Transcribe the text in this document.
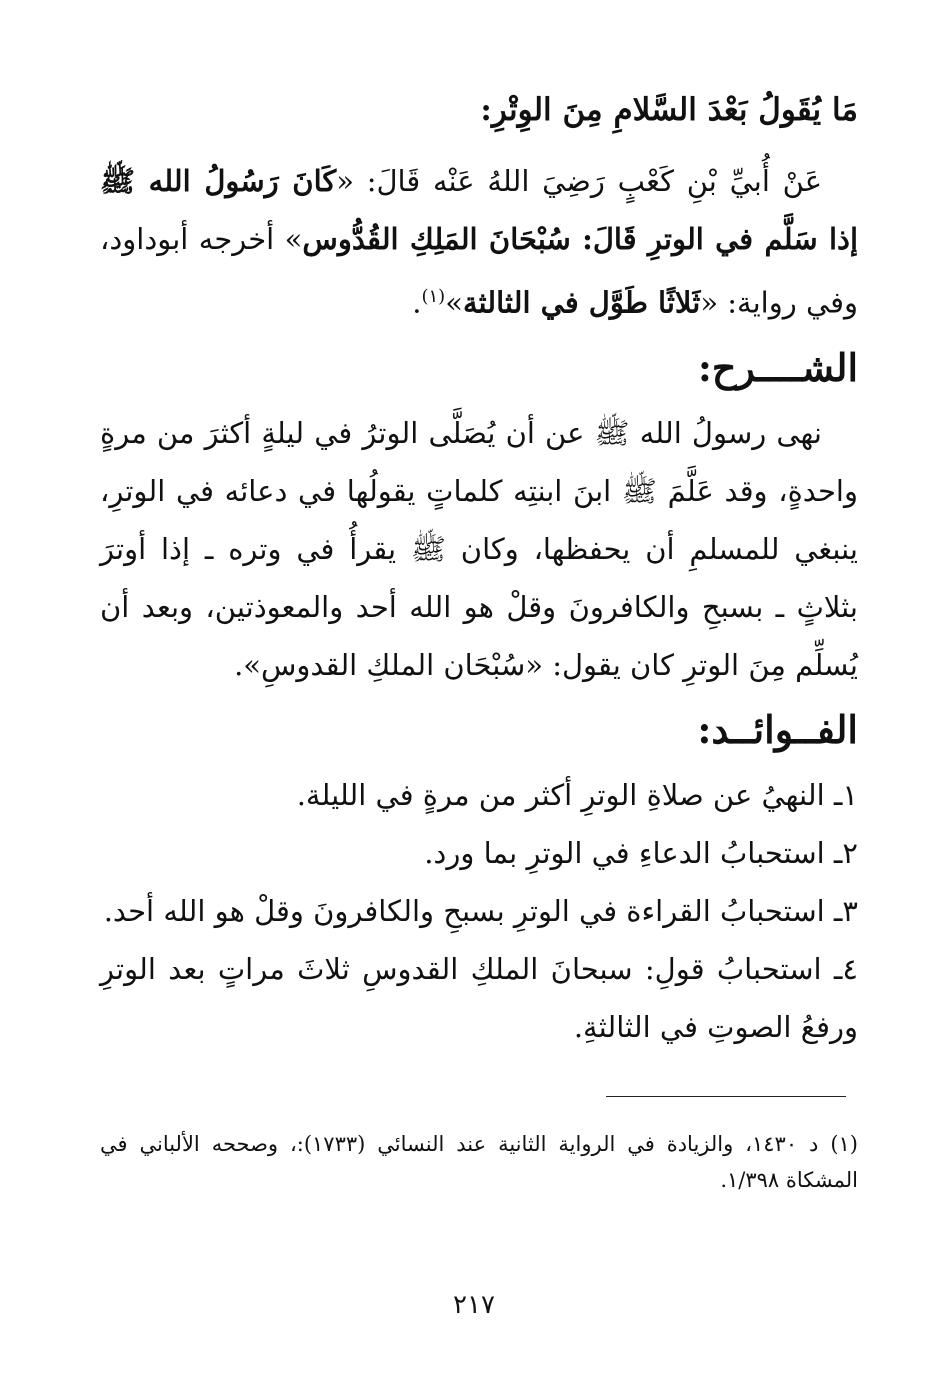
مَا يُقَولُ بَعْدَ السَّلامِ مِنَ الوِتْرِ:

عَنْ أُبيِّ بْنِ كَعْبٍ رَضِيَ اللهُ عَنْه قَالَ: «كَانَ رَسُولُ الله ﷺ إذا سَلَّم في الوترِ قَالَ: سُبْحَانَ المَلِكِ القُدُّوس» أخرجه أبوداود، وفي رواية: «ثَلاثًا طَوَّل في الثالثة»$^{(١)}$.

الشــــرح:

نهى رسولُ الله ﷺ عن أن يُصَلَّى الوترُ في ليلةٍ أكثرَ من مرةٍ واحدةٍ، وقد عَلَّمَ ﷺ ابنَ ابنتِه كلماتٍ يقولُها في دعائه في الوترِ، ينبغي للمسلمِ أن يحفظها، وكان ﷺ يقرأُ في وتره ـ إذا أوترَ بثلاثٍ ـ بسبحِ والكافرونَ وقلْ هو الله أحد والمعوذتين، وبعد أن يُسلِّم مِنَ الوترِ كان يقول: «سُبْحَان الملكِ القدوسِ».

الفــوائــد:
١ـ النهيُ عن صلاةِ الوترِ أكثر من مرةٍ في الليلة.
٢ـ استحبابُ الدعاءِ في الوترِ بما ورد.
٣ـ استحبابُ القراءة في الوترِ بسبحِ والكافرونَ وقلْ هو الله أحد.
٤ـ استحبابُ قولِ: سبحانَ الملكِ القدوسِ ثلاثَ مراتٍ بعد الوترِ ورفعُ الصوتِ في الثالثةِ.
(١) د ١٤٣٠، والزيادة في الرواية الثانية عند النسائي (١٧٣٣):، وصححه الألباني في المشكاة ١/٣٩٨.
٢١٧
